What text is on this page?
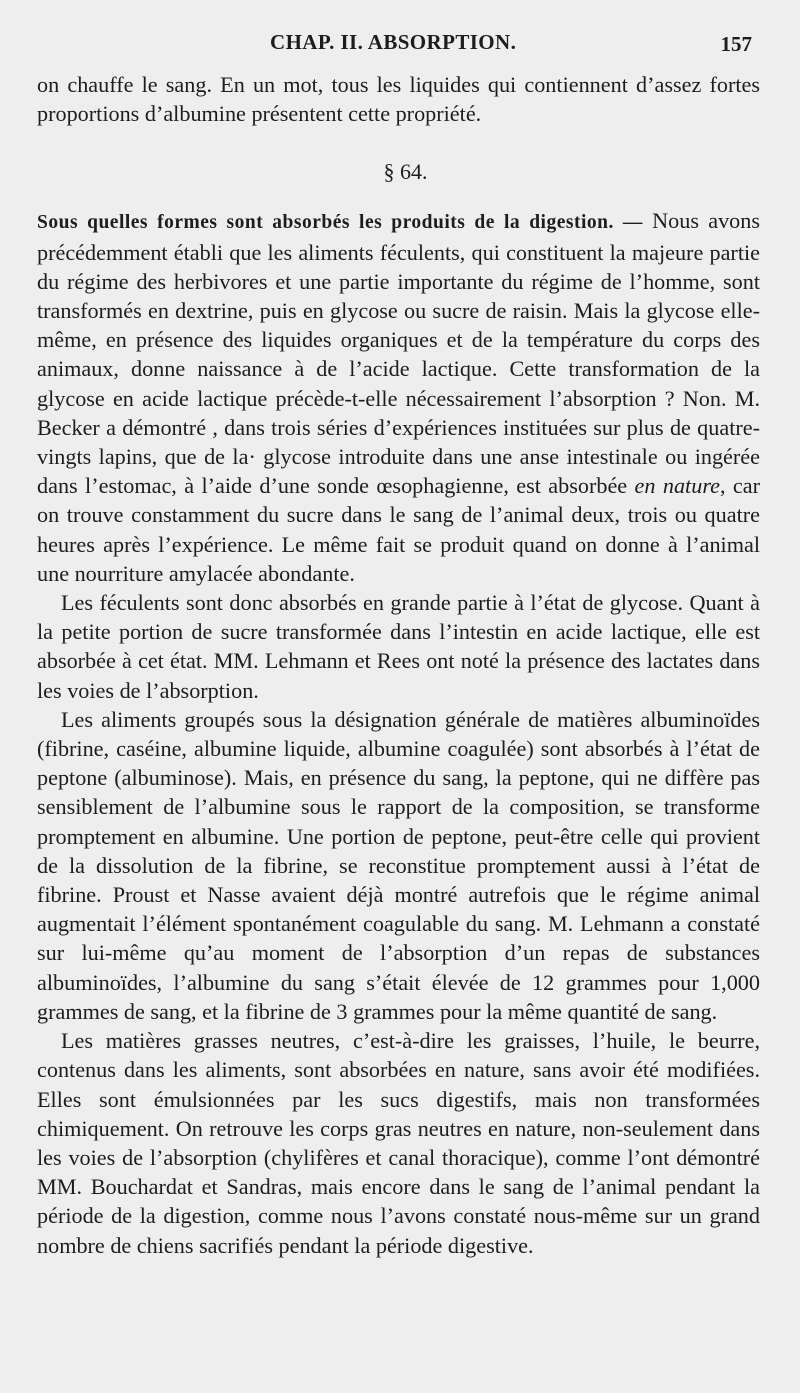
CHAP. II. ABSORPTION.	157

on chauffe le sang. En un mot, tous les liquides qui contiennent d’assez fortes proportions d’albumine présentent cette propriété.

§ 64.

Sous quelles formes sont absorbés les produits de la digestion. — Nous avons précédemment établi que les aliments féculents, qui constituent la majeure partie du régime des herbivores et une partie importante du régime de l’homme, sont transformés en dextrine, puis en glycose ou sucre de raisin. Mais la glycose elle-même, en présence des liquides organiques et de la température du corps des animaux, donne naissance à de l’acide lactique. Cette transformation de la glycose en acide lactique précède-t-elle nécessairement l’absorption ? Non. M. Becker a démontré , dans trois séries d’expériences instituées sur plus de quatre-vingts lapins, que de la· glycose introduite dans une anse intestinale ou ingérée dans l’estomac, à l’aide d’une sonde œsophagienne, est absorbée en nature, car on trouve constamment du sucre dans le sang de l’animal deux, trois ou quatre heures après l’expérience. Le même fait se produit quand on donne à l’animal une nourriture amylacée abondante.

Les féculents sont donc absorbés en grande partie à l’état de glycose. Quant à la petite portion de sucre transformée dans l’intestin en acide lactique, elle est absorbée à cet état. MM. Lehmann et Rees ont noté la présence des lactates dans les voies de l’absorption.

Les aliments groupés sous la désignation générale de matières albuminoïdes (fibrine, caséine, albumine liquide, albumine coagulée) sont absorbés à l’état de peptone (albuminose). Mais, en présence du sang, la peptone, qui ne diffère pas sensiblement de l’albumine sous le rapport de la composition, se transforme promptement en albumine. Une portion de peptone, peut-être celle qui provient de la dissolution de la fibrine, se reconstitue promptement aussi à l’état de fibrine. Proust et Nasse avaient déjà montré autrefois que le régime animal augmentait l’élément spontanément coagulable du sang. M. Lehmann a constaté sur lui-même qu’au moment de l’absorption d’un repas de substances albuminoïdes, l’albumine du sang s’était élevée de 12 grammes pour 1,000 grammes de sang, et la fibrine de 3 grammes pour la même quantité de sang.

Les matières grasses neutres, c’est-à-dire les graisses, l’huile, le beurre, contenus dans les aliments, sont absorbées en nature, sans avoir été modifiées. Elles sont émulsionnées par les sucs digestifs, mais non transformées chimiquement. On retrouve les corps gras neutres en nature, non-seulement dans les voies de l’absorption (chylifères et canal thoracique), comme l’ont démontré MM. Bouchardat et Sandras, mais encore dans le sang de l’animal pendant la période de la digestion, comme nous l’avons constaté nous-même sur un grand nombre de chiens sacrifiés pendant la période digestive.
